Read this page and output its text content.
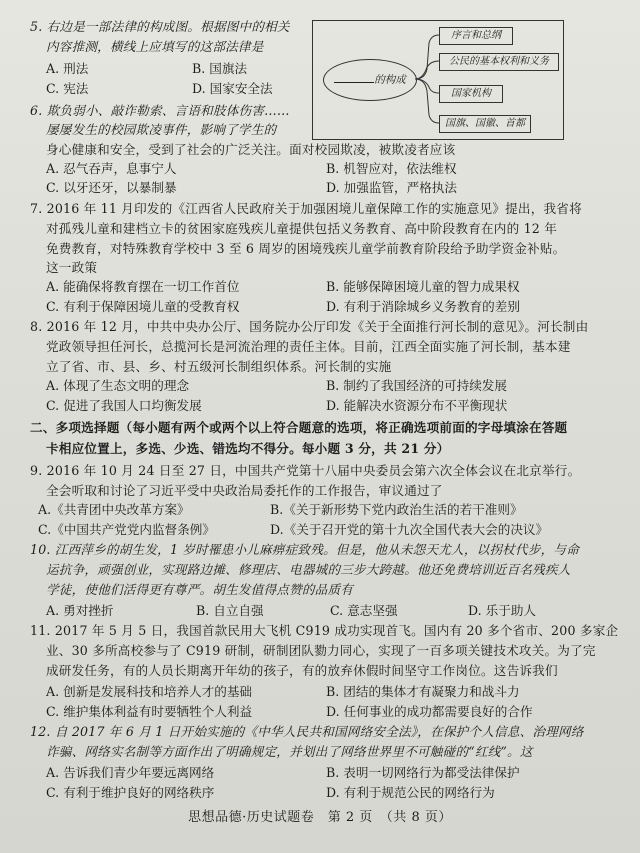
5. 右边是一部法律的构成图。根据图中的相关
内容推测，横线上应填写的这部法律是
A. 刑法	B. 国旗法
C. 宪法	D. 国家安全法
的构成
序言和总纲
公民的基本权利和义务
国家机构
国旗、国徽、首都
6. 欺负弱小、敲诈勒索、言语和肢体伤害……
屡屡发生的校园欺凌事件，影响了学生的
身心健康和安全，受到了社会的广泛关注。面对校园欺凌，被欺凌者应该
A. 忍气吞声，息事宁人	B. 机智应对，依法维权
C. 以牙还牙，以暴制暴	D. 加强监管，严格执法
7. 2016 年 11 月印发的《江西省人民政府关于加强困境儿童保障工作的实施意见》提出，我省将
对孤残儿童和建档立卡的贫困家庭残疾儿童提供包括义务教育、高中阶段教育在内的 12 年
免费教育，对特殊教育学校中 3 至 6 周岁的困境残疾儿童学前教育阶段给予助学资金补贴。
这一政策
A. 能确保将教育摆在一切工作首位	B. 能够保障困境儿童的智力成果权
C. 有利于保障困境儿童的受教育权	D. 有利于消除城乡义务教育的差别
8. 2016 年 12 月，中共中央办公厅、国务院办公厅印发《关于全面推行河长制的意见》。河长制由
党政领导担任河长，总揽河长是河流治理的责任主体。目前，江西全面实施了河长制，基本建
立了省、市、县、乡、村五级河长制组织体系。河长制的实施
A. 体现了生态文明的理念	B. 制约了我国经济的可持续发展
C. 促进了我国人口均衡发展	D. 能解决水资源分布不平衡现状
二、多项选择题（每小题有两个或两个以上符合题意的选项，将正确选项前面的字母填涂在答题
卡相应位置上，多选、少选、错选均不得分。每小题 3 分，共 21 分）
9. 2016 年 10 月 24 日至 27 日，中国共产党第十八届中央委员会第六次全体会议在北京举行。
全会听取和讨论了习近平受中央政治局委托作的工作报告，审议通过了
A.《共青团中央改革方案》	B.《关于新形势下党内政治生活的若干准则》
C.《中国共产党党内监督条例》	D.《关于召开党的第十九次全国代表大会的决议》
10. 江西萍乡的胡生发，1 岁时罹患小儿麻痹症致残。但是，他从未怨天尤人，以拐杖代步，与命
运抗争，顽强创业，实现路边摊、修理店、电器城的三步大跨越。他还免费培训近百名残疾人
学徒，使他们活得更有尊严。胡生发值得点赞的品质有
A. 勇对挫折	B. 自立自强	C. 意志坚强	D. 乐于助人
11. 2017 年 5 月 5 日，我国首款民用大飞机 C919 成功实现首飞。国内有 20 多个省市、200 多家企
业、30 多所高校参与了 C919 研制，研制团队勠力同心，实现了一百多项关键技术攻关。为了完
成研发任务，有的人员长期离开年幼的孩子，有的放弃休假时间坚守工作岗位。这告诉我们
A. 创新是发展科技和培养人才的基础	B. 团结的集体才有凝聚力和战斗力
C. 维护集体利益有时要牺牲个人利益	D. 任何事业的成功都需要良好的合作
12. 自 2017 年 6 月 1 日开始实施的《中华人民共和国网络安全法》，在保护个人信息、治理网络
诈骗、网络实名制等方面作出了明确规定，并划出了网络世界里不可触碰的“红线”。这
A. 告诉我们青少年要远离网络	B. 表明一切网络行为都受法律保护
C. 有利于维护良好的网络秩序	D. 有利于规范公民的网络行为
思想品德·历史试题卷　第 2 页　（共 8 页）
